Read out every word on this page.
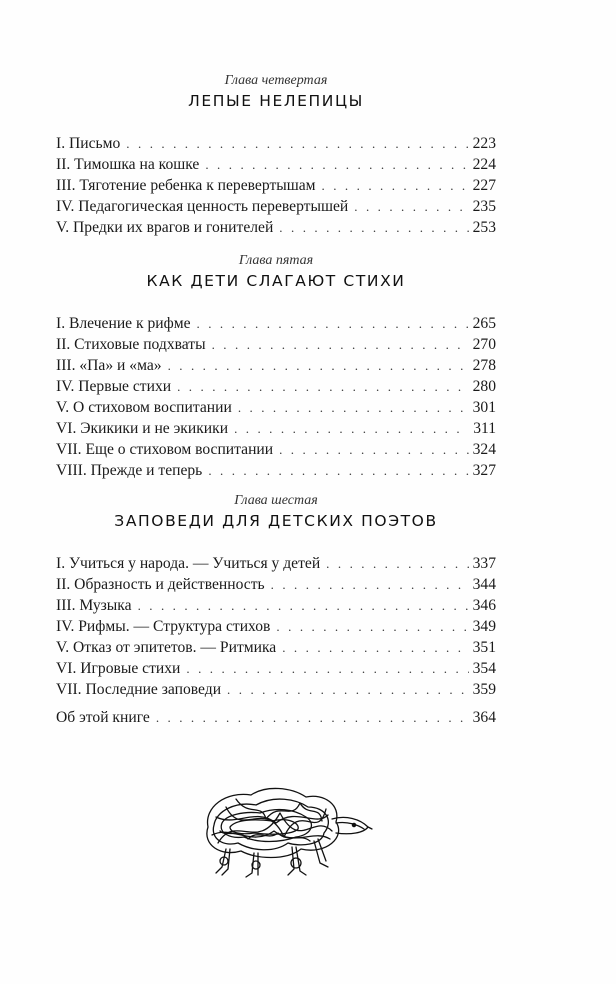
Глава четвертая
ЛЕПЫЕ НЕЛЕПИЦЫ
I. Письмо . . .	223
II. Тимошка на кошке . . .	224
III. Тяготение ребенка к перевертышам . . .	227
IV. Педагогическая ценность перевертышей . . .	235
V. Предки их врагов и гонителей . . .	253
Глава пятая
КАК ДЕТИ СЛАГАЮТ СТИХИ
I. Влечение к рифме . . .	265
II. Стиховые подхваты . . .	270
III. «Па» и «ма» . . .	278
IV. Первые стихи . . .	280
V. О стиховом воспитании . . .	301
VI. Экикики и не экикики . . .	311
VII. Еще о стиховом воспитании . . .	324
VIII. Прежде и теперь . . .	327
Глава шестая
ЗАПОВЕДИ ДЛЯ ДЕТСКИХ ПОЭТОВ
I. Учиться у народа. — Учиться у детей . . .	337
II. Образность и действенность . . .	344
III. Музыка . . .	346
IV. Рифмы. — Структура стихов . . .	349
V. Отказ от эпитетов. — Ритмика . . .	351
VI. Игровые стихи . . .	354
VII. Последние заповеди . . .	359
Об этой книге . . .	364
